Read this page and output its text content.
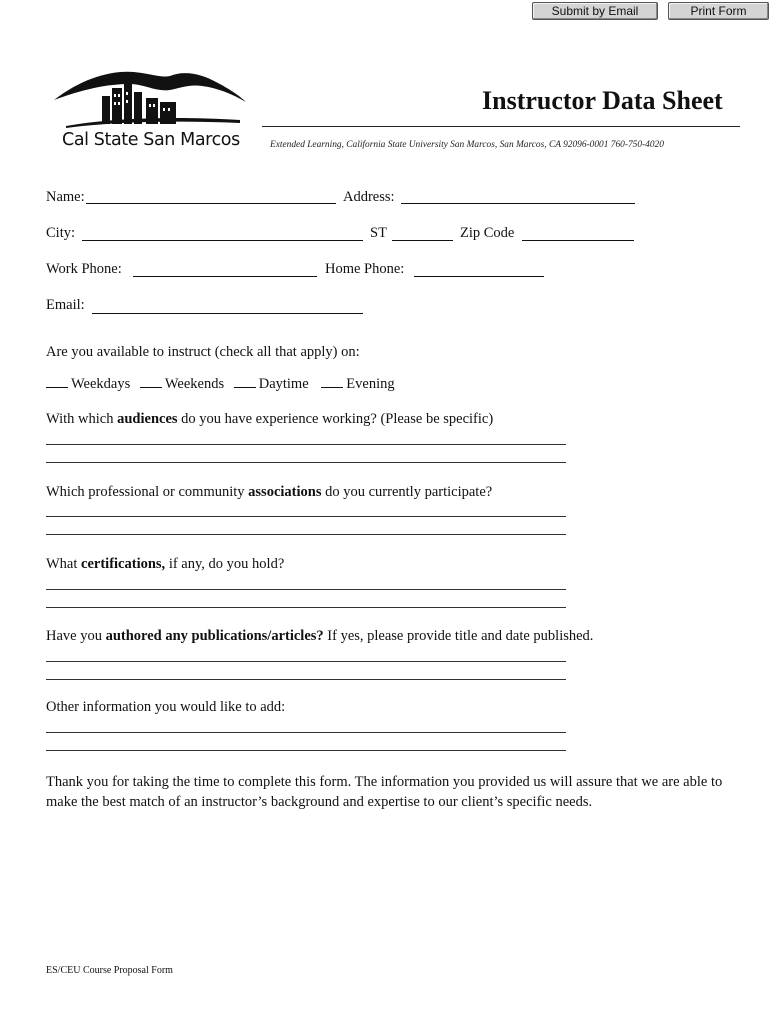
Submit by Email	Print Form
Cal State San Marcos
Instructor Data Sheet
Extended Learning, California State University San Marcos, San Marcos, CA 92096-0001 760-750-4020
Name:	Address:
City:	ST	Zip Code
Work Phone:	Home Phone:
Email:
Are you available to instruct (check all that apply) on:
Weekdays Weekends Daytime	Evening
With which audiences do you have experience working? (Please be specific)
Which professional or community associations do you currently participate?
What certifications, if any, do you hold?
Have you authored any publications/articles? If yes, please provide title and date published.
Other information you would like to add:
Thank you for taking the time to complete this form. The information you provided us will assure that we are able to make the best match of an instructor’s background and expertise to our client’s specific needs.
ES/CEU Course Proposal Form
